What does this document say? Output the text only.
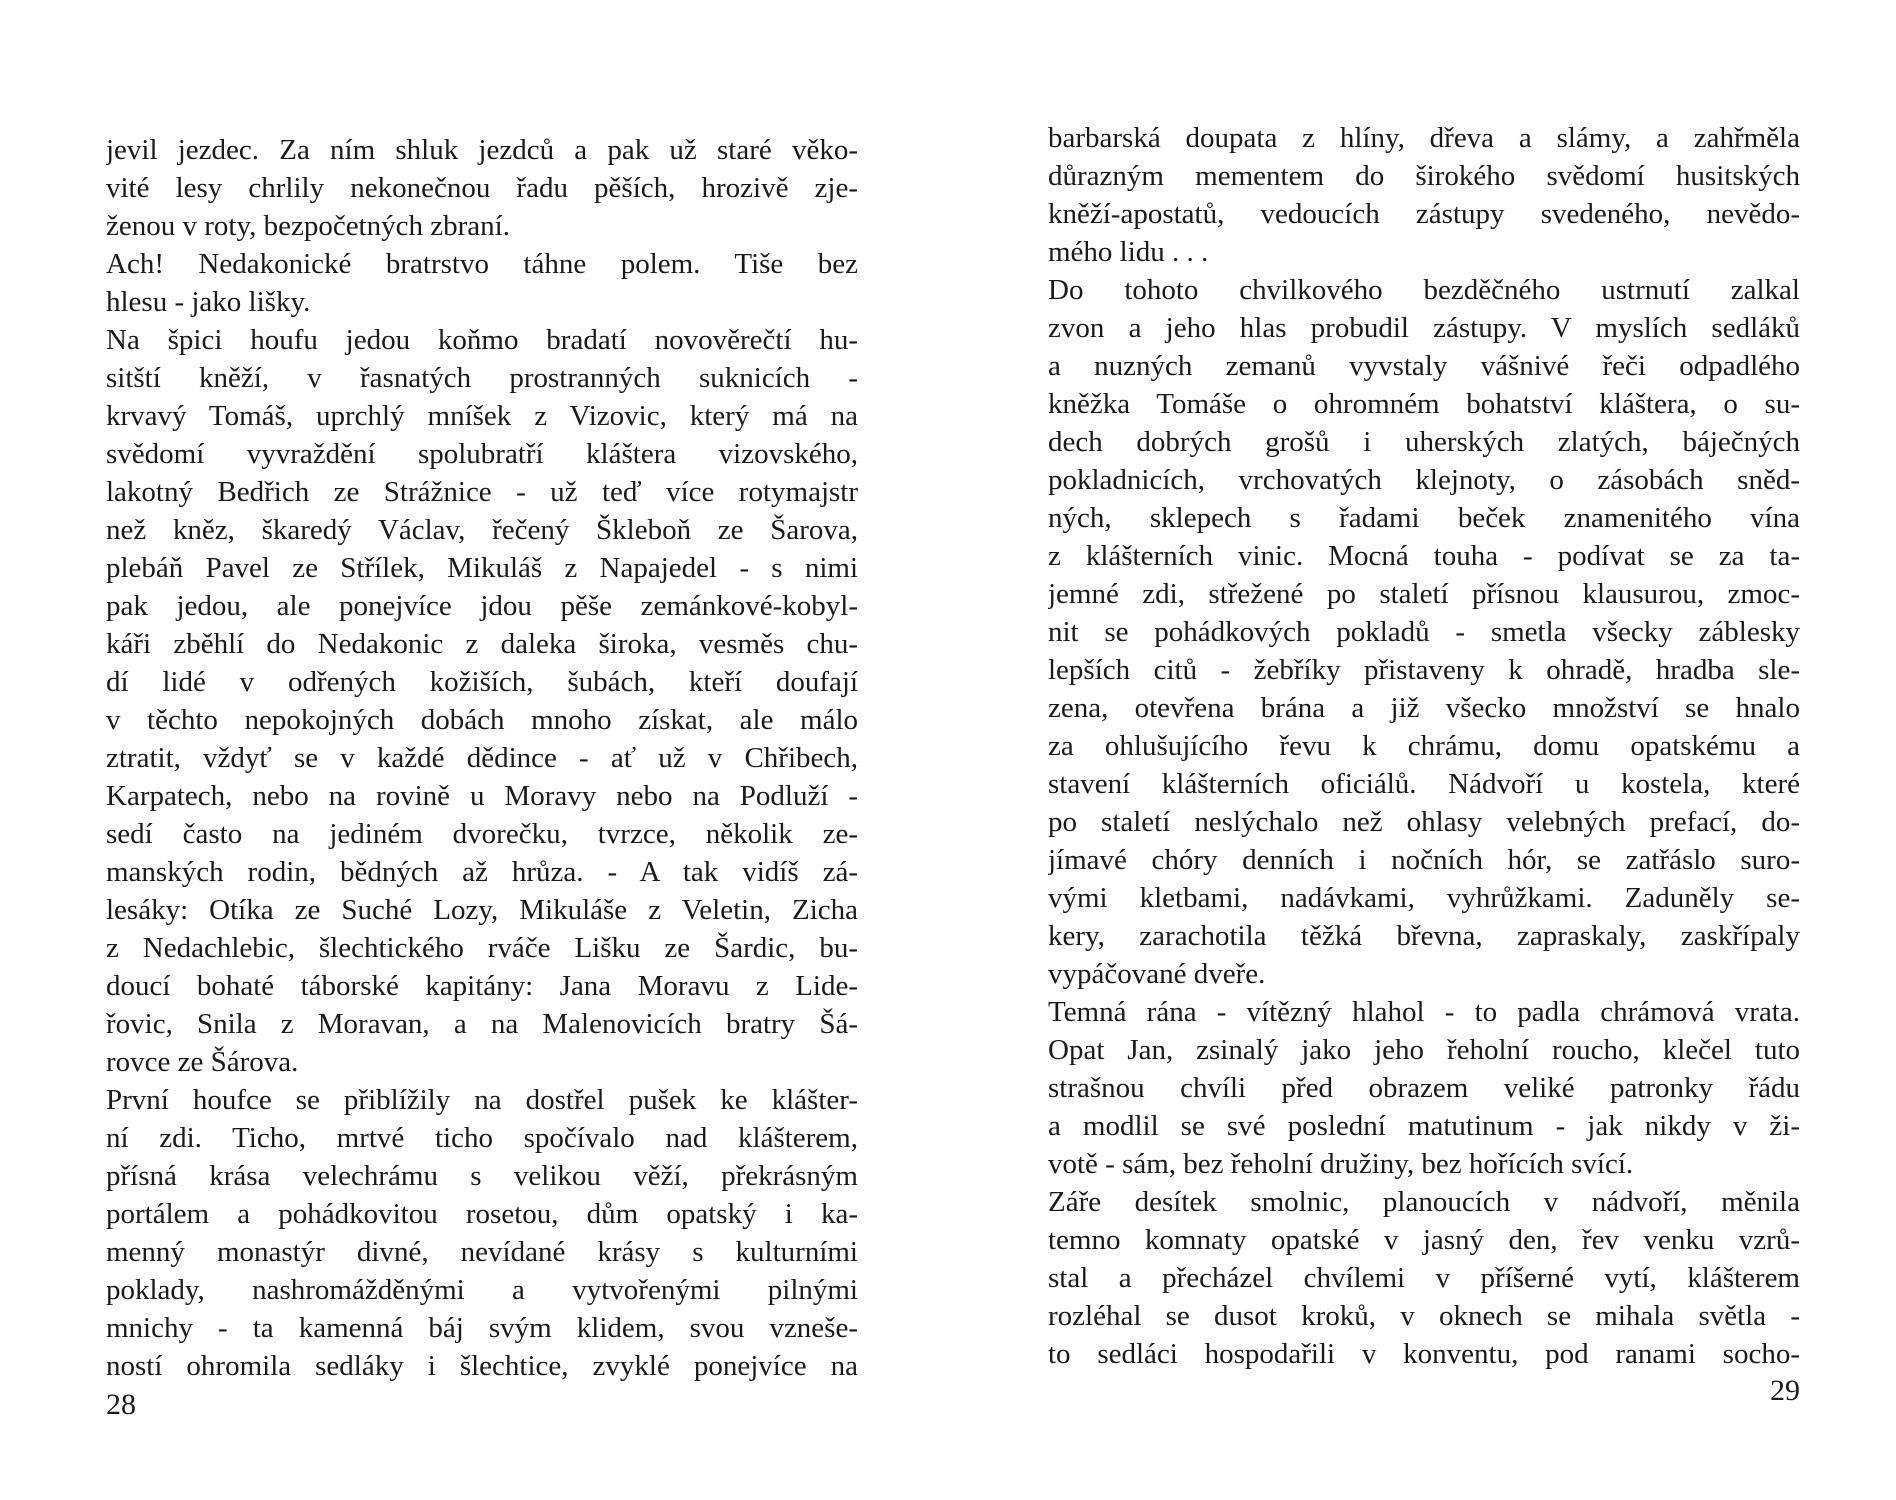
jevil jezdec. Za ním shluk jezdců a pak už staré věko-
vité lesy chrlily nekonečnou řadu pěších, hrozivě zje-
ženou v roty, bezpočetných zbraní.
Ach! Nedakonické bratrstvo táhne polem. Tiše bez
hlesu - jako lišky.
Na špici houfu jedou koňmo bradatí novověrečtí hu-
sitští kněží, v řasnatých prostranných suknicích -
krvavý Tomáš, uprchlý mníšek z Vizovic, který má na
svědomí vyvraždění spolubratří kláštera vizovského,
lakotný Bedřich ze Strážnice - už teď více rotymajstr
než kněz, škaredý Václav, řečený Škleboň ze Šarova,
plebáň Pavel ze Střílek, Mikuláš z Napajedel - s nimi
pak jedou, ale ponejvíce jdou pěše zemánkové-kobyl-
káři zběhlí do Nedakonic z daleka široka, vesměs chu-
dí lidé v odřených kožiších, šubách, kteří doufají
v těchto nepokojných dobách mnoho získat, ale málo
ztratit, vždyť se v každé dědince - ať už v Chřibech,
Karpatech, nebo na rovině u Moravy nebo na Podluží -
sedí často na jediném dvorečku, tvrzce, několik ze-
manských rodin, bědných až hrůza. - A tak vidíš zá-
lesáky: Otíka ze Suché Lozy, Mikuláše z Veletin, Zicha
z Nedachlebic, šlechtického rváče Lišku ze Šardic, bu-
doucí bohaté táborské kapitány: Jana Moravu z Lide-
řovic, Snila z Moravan, a na Malenovicích bratry Šá-
rovce ze Šárova.
První houfce se přiblížily na dostřel pušek ke klášter-
ní zdi. Ticho, mrtvé ticho spočívalo nad klášterem,
přísná krása velechrámu s velikou věží, překrásným
portálem a pohádkovitou rosetou, dům opatský i ka-
menný monastýr divné, nevídané krásy s kulturními
poklady, nashromážděnými a vytvořenými pilnými
mnichy - ta kamenná báj svým klidem, svou vzneše-
ností ohromila sedláky i šlechtice, zvyklé ponejvíce na
28
barbarská doupata z hlíny, dřeva a slámy, a zahřměla
důrazným mementem do širokého svědomí husitských
kněží-apostatů, vedoucích zástupy svedeného, nevědo-
mého lidu . . .
Do tohoto chvilkového bezděčného ustrnutí zalkal
zvon a jeho hlas probudil zástupy. V myslích sedláků
a nuzných zemanů vyvstaly vášnivé řeči odpadlého
kněžka Tomáše o ohromném bohatství kláštera, o su-
dech dobrých grošů i uherských zlatých, báječných
pokladnicích, vrchovatých klejnoty, o zásobách sněd-
ných, sklepech s řadami beček znamenitého vína
z klášterních vinic. Mocná touha - podívat se za ta-
jemné zdi, střežené po staletí přísnou klausurou, zmoc-
nit se pohádkových pokladů - smetla všecky záblesky
lepších citů - žebříky přistaveny k ohradě, hradba sle-
zena, otevřena brána a již všecko množství se hnalo
za ohlušujícího řevu k chrámu, domu opatskému a
stavení klášterních oficiálů. Nádvoří u kostela, které
po staletí neslýchalo než ohlasy velebných prefací, do-
jímavé chóry denních i nočních hór, se zatřáslo suro-
vými kletbami, nadávkami, vyhrůžkami. Zaduněly se-
kery, zarachotila těžká břevna, zapraskaly, zaskřípaly
vypáčované dveře.
Temná rána - vítězný hlahol - to padla chrámová vrata.
Opat Jan, zsinalý jako jeho řeholní roucho, klečel tuto
strašnou chvíli před obrazem veliké patronky řádu
a modlil se své poslední matutinum - jak nikdy v ži-
votě - sám, bez řeholní družiny, bez hořících svící.
Záře desítek smolnic, planoucích v nádvoří, měnila
temno komnaty opatské v jasný den, řev venku vzrů-
stal a přecházel chvílemi v příšerné vytí, klášterem
rozléhal se dusot kroků, v oknech se mihala světla -
to sedláci hospodařili v konventu, pod ranami socho-
29
